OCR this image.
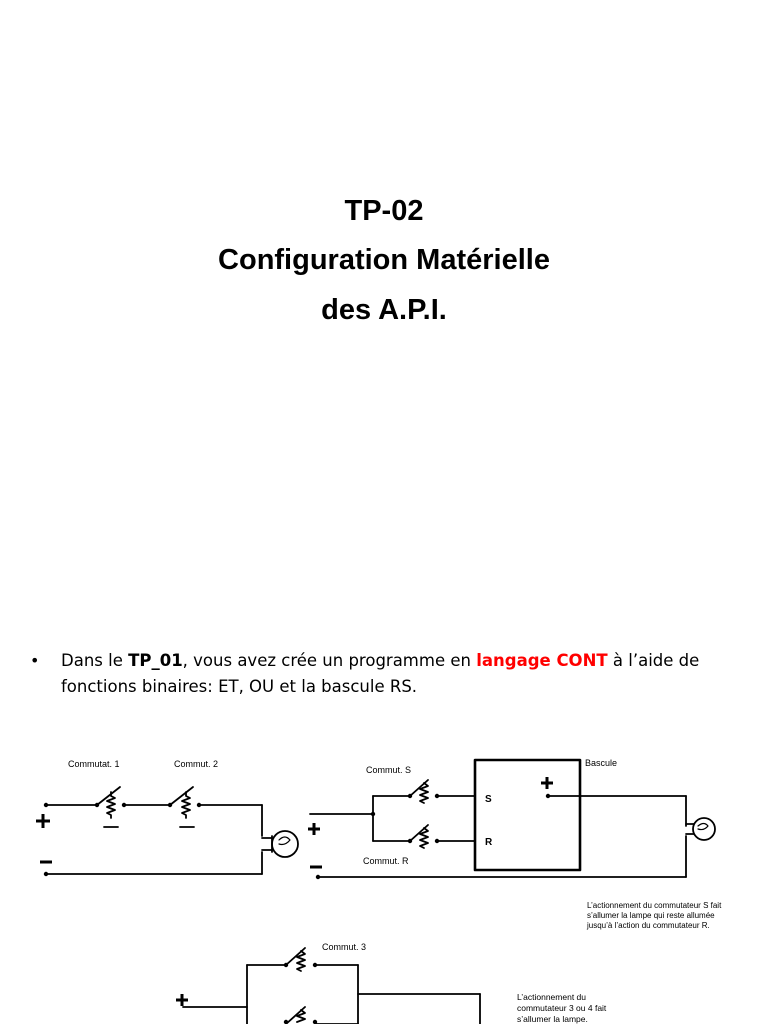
TP-02
Configuration Matérielle
des A.P.I.
• Dans le TP_01, vous avez crée un programme en langage CONT à l’aide de fonctions binaires: ET, OU et la bascule RS.
Commutat. 1	Commut. 2
Commut. S
Commut. R
Bascule
S
R
L’actionnement du commutateur S fait
s’allumer la lampe qui reste allumée
jusqu’à l’action du commutateur R.
Commut. 3
L’actionnement du
commutateur 3 ou 4 fait
s’allumer la lampe.
